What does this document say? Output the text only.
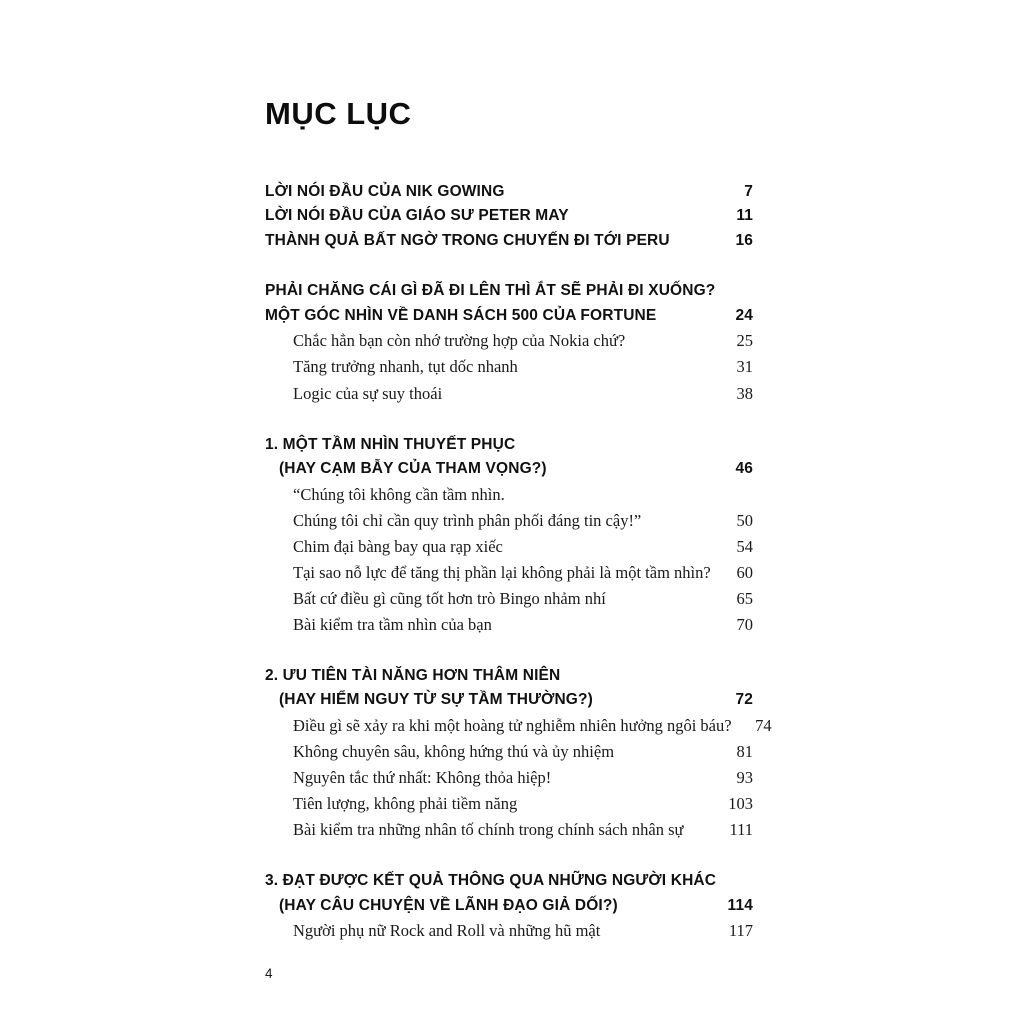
MỤC LỤC
LỜI NÓI ĐẦU CỦA NIK GOWING	7
LỜI NÓI ĐẦU CỦA GIÁO SƯ PETER MAY	11
THÀNH QUẢ BẤT NGỜ TRONG CHUYẾN ĐI TỚI PERU	16
PHẢI CHĂNG CÁI GÌ ĐÃ ĐI LÊN THÌ ẮT SẼ PHẢI ĐI XUỐNG?
MỘT GÓC NHÌN VỀ DANH SÁCH 500 CỦA FORTUNE	24
Chắc hẳn bạn còn nhớ trường hợp của Nokia chứ?	25
Tăng trưởng nhanh, tụt dốc nhanh	31
Logic của sự suy thoái	38
1. MỘT TẦM NHÌN THUYẾT PHỤC
(HAY CẠM BẪY CỦA THAM VỌNG?)	46
“Chúng tôi không cần tầm nhìn.
Chúng tôi chỉ cần quy trình phân phối đáng tin cậy!”	50
Chim đại bàng bay qua rạp xiếc	54
Tại sao nỗ lực để tăng thị phần lại không phải là một tầm nhìn?	60
Bất cứ điều gì cũng tốt hơn trò Bingo nhảm nhí	65
Bài kiểm tra tầm nhìn của bạn	70
2. ƯU TIÊN TÀI NĂNG HƠN THÂM NIÊN
(HAY HIỂM NGUY TỪ SỰ TẦM THƯỜNG?)	72
Điều gì sẽ xảy ra khi một hoàng tử nghiễm nhiên hưởng ngôi báu?	74
Không chuyên sâu, không hứng thú và ủy nhiệm	81
Nguyên tắc thứ nhất: Không thỏa hiệp!	93
Tiên lượng, không phải tiềm năng	103
Bài kiểm tra những nhân tố chính trong chính sách nhân sự	111
3. ĐẠT ĐƯỢC KẾT QUẢ THÔNG QUA NHỮNG NGƯỜI KHÁC
(HAY CÂU CHUYỆN VỀ LÃNH ĐẠO GIẢ DỐI?)	114
Người phụ nữ Rock and Roll và những hũ mật	117
4
